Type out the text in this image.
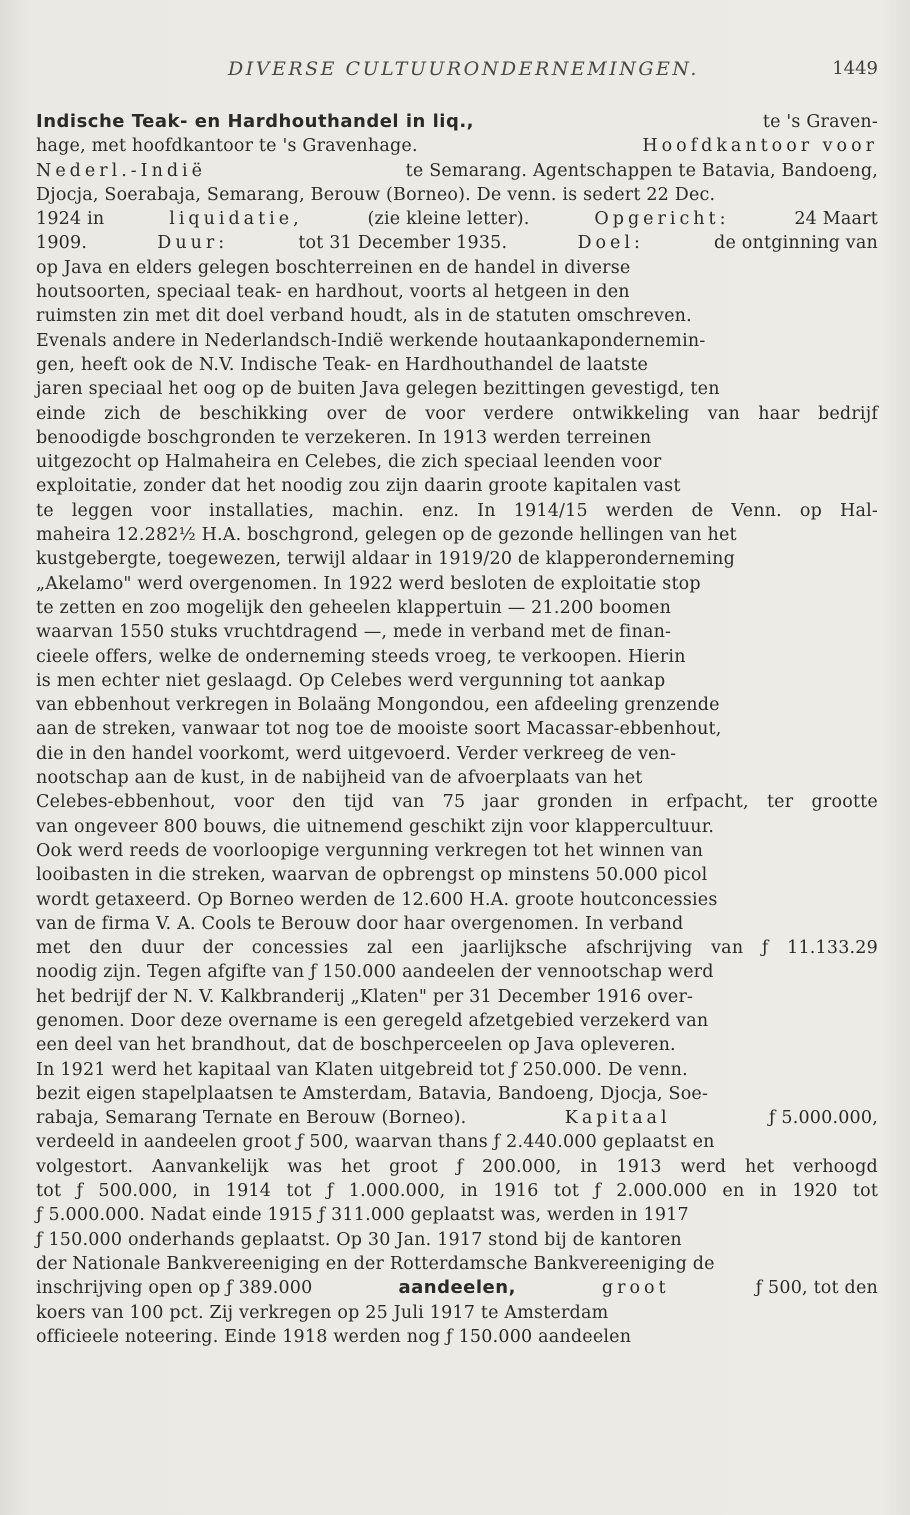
DIVERSE CULTUURONDERNEMINGEN.	1449
Indische Teak- en Hardhouthandel in liq.,	te 's Graven-
hage, met hoofdkantoor te 's Gravenhage.	Hoofdkantoor voor
Nederl.-Indië	te Semarang. Agentschappen te Batavia, Bandoeng,
Djocja, Soerabaja, Semarang, Berouw (Borneo). De venn. is sedert 22 Dec.
1924 in	liquidatie,	(zie kleine letter).	Opgericht:	24 Maart
1909.	Duur:	tot 31 December 1935.	Doel:	de ontginning van
op Java en elders gelegen boschterreinen en de handel in diverse
houtsoorten, speciaal teak- en hardhout, voorts al hetgeen in den
ruimsten zin met dit doel verband houdt, als in de statuten omschreven.
Evenals andere in Nederlandsch-Indië werkende houtaankapondernemin-
gen, heeft ook de N.V. Indische Teak- en Hardhouthandel de laatste
jaren speciaal het oog op de buiten Java gelegen bezittingen gevestigd, ten
einde zich de beschikking over de voor verdere ontwikkeling van haar bedrijf
benoodigde boschgronden te verzekeren. In 1913 werden terreinen
uitgezocht op Halmaheira en Celebes, die zich speciaal leenden voor
exploitatie, zonder dat het noodig zou zijn daarin groote kapitalen vast
te leggen voor installaties, machin. enz. In 1914/15 werden de Venn. op Hal-
maheira 12.282½ H.A. boschgrond, gelegen op de gezonde hellingen van het
kustgebergte, toegewezen, terwijl aldaar in 1919/20 de klapperonderneming
„Akelamo" werd overgenomen. In 1922 werd besloten de exploitatie stop
te zetten en zoo mogelijk den geheelen klappertuin — 21.200 boomen
waarvan 1550 stuks vruchtdragend —, mede in verband met de finan-
cieele offers, welke de onderneming steeds vroeg, te verkoopen. Hierin
is men echter niet geslaagd. Op Celebes werd vergunning tot aankap
van ebbenhout verkregen in Bolaäng Mongondou, een afdeeling grenzende
aan de streken, vanwaar tot nog toe de mooiste soort Macassar-ebbenhout,
die in den handel voorkomt, werd uitgevoerd. Verder verkreeg de ven-
nootschap aan de kust, in de nabijheid van de afvoerplaats van het
Celebes-ebbenhout, voor den tijd van 75 jaar gronden in erfpacht, ter grootte
van ongeveer 800 bouws, die uitnemend geschikt zijn voor klappercultuur.
Ook werd reeds de voorloopige vergunning verkregen tot het winnen van
looibasten in die streken, waarvan de opbrengst op minstens 50.000 picol
wordt getaxeerd. Op Borneo werden de 12.600 H.A. groote houtconcessies
van de firma V. A. Cools te Berouw door haar overgenomen. In verband
met den duur der concessies zal een jaarlijksche afschrijving van ƒ 11.133.29
noodig zijn. Tegen afgifte van ƒ 150.000 aandeelen der vennootschap werd
het bedrijf der N. V. Kalkbranderij „Klaten" per 31 December 1916 over-
genomen. Door deze overname is een geregeld afzetgebied verzekerd van
een deel van het brandhout, dat de boschperceelen op Java opleveren.
In 1921 werd het kapitaal van Klaten uitgebreid tot ƒ 250.000. De venn.
bezit eigen stapelplaatsen te Amsterdam, Batavia, Bandoeng, Djocja, Soe-
rabaja, Semarang Ternate en Berouw (Borneo).	Kapitaal	ƒ 5.000.000,
verdeeld in aandeelen groot ƒ 500, waarvan thans ƒ 2.440.000 geplaatst en
volgestort. Aanvankelijk was het groot ƒ 200.000, in 1913 werd het verhoogd
tot ƒ 500.000, in 1914 tot ƒ 1.000.000, in 1916 tot ƒ 2.000.000 en in 1920 tot
ƒ 5.000.000. Nadat einde 1915 ƒ 311.000 geplaatst was, werden in 1917
ƒ 150.000 onderhands geplaatst. Op 30 Jan. 1917 stond bij de kantoren
der Nationale Bankvereeniging en der Rotterdamsche Bankvereeniging de
inschrijving open op ƒ 389.000	aandeelen,	groot	ƒ 500, tot den
koers van 100 pct. Zij verkregen op 25 Juli 1917 te Amsterdam
officieele noteering. Einde 1918 werden nog ƒ 150.000 aandeelen
